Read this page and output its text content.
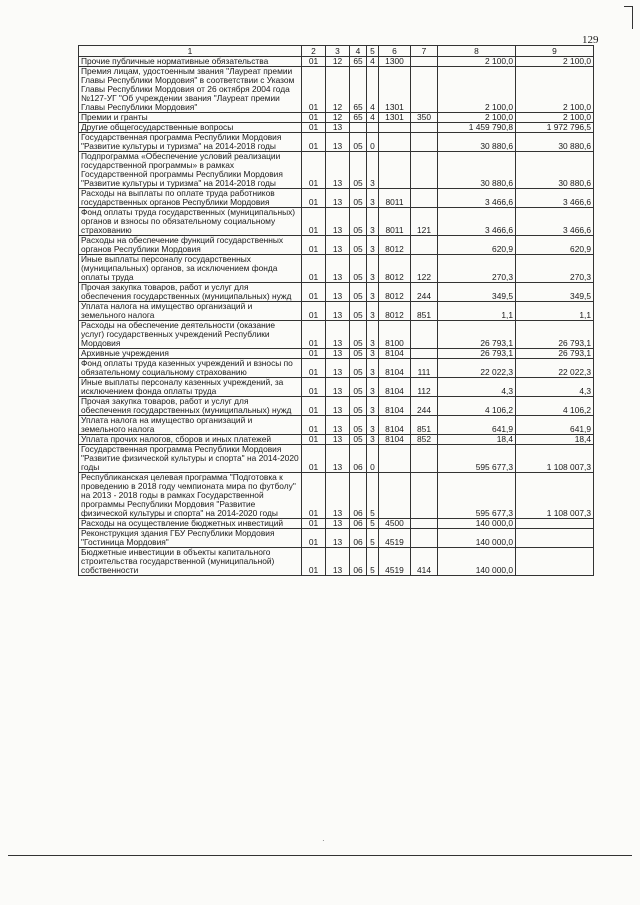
129
1	2	3	4	5	6	7	8	9
Прочие публичные нормативные обязательства	01	12	65	4	1300		2 100,0	2 100,0
Премия лицам, удостоенным звания "Лауреат премии Главы Республики Мордовия" в соответствии с Указом Главы Республики Мордовия от 26 октября 2004 года №127-УГ "Об учреждении звания "Лауреат премии Главы Республики Мордовия"	01	12	65	4	1301		2 100,0	2 100,0
Премии и гранты	01	12	65	4	1301	350	2 100,0	2 100,0
Другие общегосударственные вопросы	01	13					1 459 790,8	1 972 796,5
Государственная программа Республики Мордовия "Развитие культуры и туризма" на 2014-2018 годы	01	13	05	0			30 880,6	30 880,6
Подпрограмма «Обеспечение условий реализации государственной программы» в рамках Государственной программы Республики Мордовия "Развитие культуры и туризма" на 2014-2018 годы	01	13	05	3			30 880,6	30 880,6
Расходы на выплаты по оплате труда работников государственных органов Республики Мордовия	01	13	05	3	8011		3 466,6	3 466,6
Фонд оплаты труда государственных (муниципальных) органов и взносы по обязательному социальному страхованию	01	13	05	3	8011	121	3 466,6	3 466,6
Расходы на обеспечение функций государственных органов Республики Мордовия	01	13	05	3	8012		620,9	620,9
Иные выплаты персоналу государственных (муниципальных) органов, за исключением фонда оплаты труда	01	13	05	3	8012	122	270,3	270,3
Прочая закупка товаров, работ и услуг для обеспечения государственных (муниципальных) нужд	01	13	05	3	8012	244	349,5	349,5
Уплата налога на имущество организаций и земельного налога	01	13	05	3	8012	851	1,1	1,1
Расходы на обеспечение деятельности (оказание услуг) государственных учреждений Республики Мордовия	01	13	05	3	8100		26 793,1	26 793,1
Архивные учреждения	01	13	05	3	8104		26 793,1	26 793,1
Фонд оплаты труда казенных учреждений и взносы по обязательному социальному страхованию	01	13	05	3	8104	111	22 022,3	22 022,3
Иные выплаты персоналу казенных учреждений, за исключением фонда оплаты труда	01	13	05	3	8104	112	4,3	4,3
Прочая закупка товаров, работ и услуг для обеспечения государственных (муниципальных) нужд	01	13	05	3	8104	244	4 106,2	4 106,2
Уплата налога на имущество организаций и земельного налога	01	13	05	3	8104	851	641,9	641,9
Уплата прочих налогов, сборов и иных платежей	01	13	05	3	8104	852	18,4	18,4
Государственная программа Республики Мордовия "Развитие физической культуры и спорта" на 2014-2020 годы	01	13	06	0			595 677,3	1 108 007,3
Республиканская целевая программа "Подготовка к проведению в 2018 году чемпионата мира по футболу" на 2013 - 2018 годы в рамках Государственной программы Республики Мордовия "Развитие физической культуры и спорта" на 2014-2020 годы	01	13	06	5			595 677,3	1 108 007,3
Расходы на осуществление бюджетных инвестиций	01	13	06	5	4500		140 000,0	
Реконструкция здания ГБУ Республики Мордовия "Гостиница Мордовия"	01	13	06	5	4519		140 000,0	
Бюджетные инвестиции в объекты капитального строительства государственной (муниципальной) собственности	01	13	06	5	4519	414	140 000,0	
·
